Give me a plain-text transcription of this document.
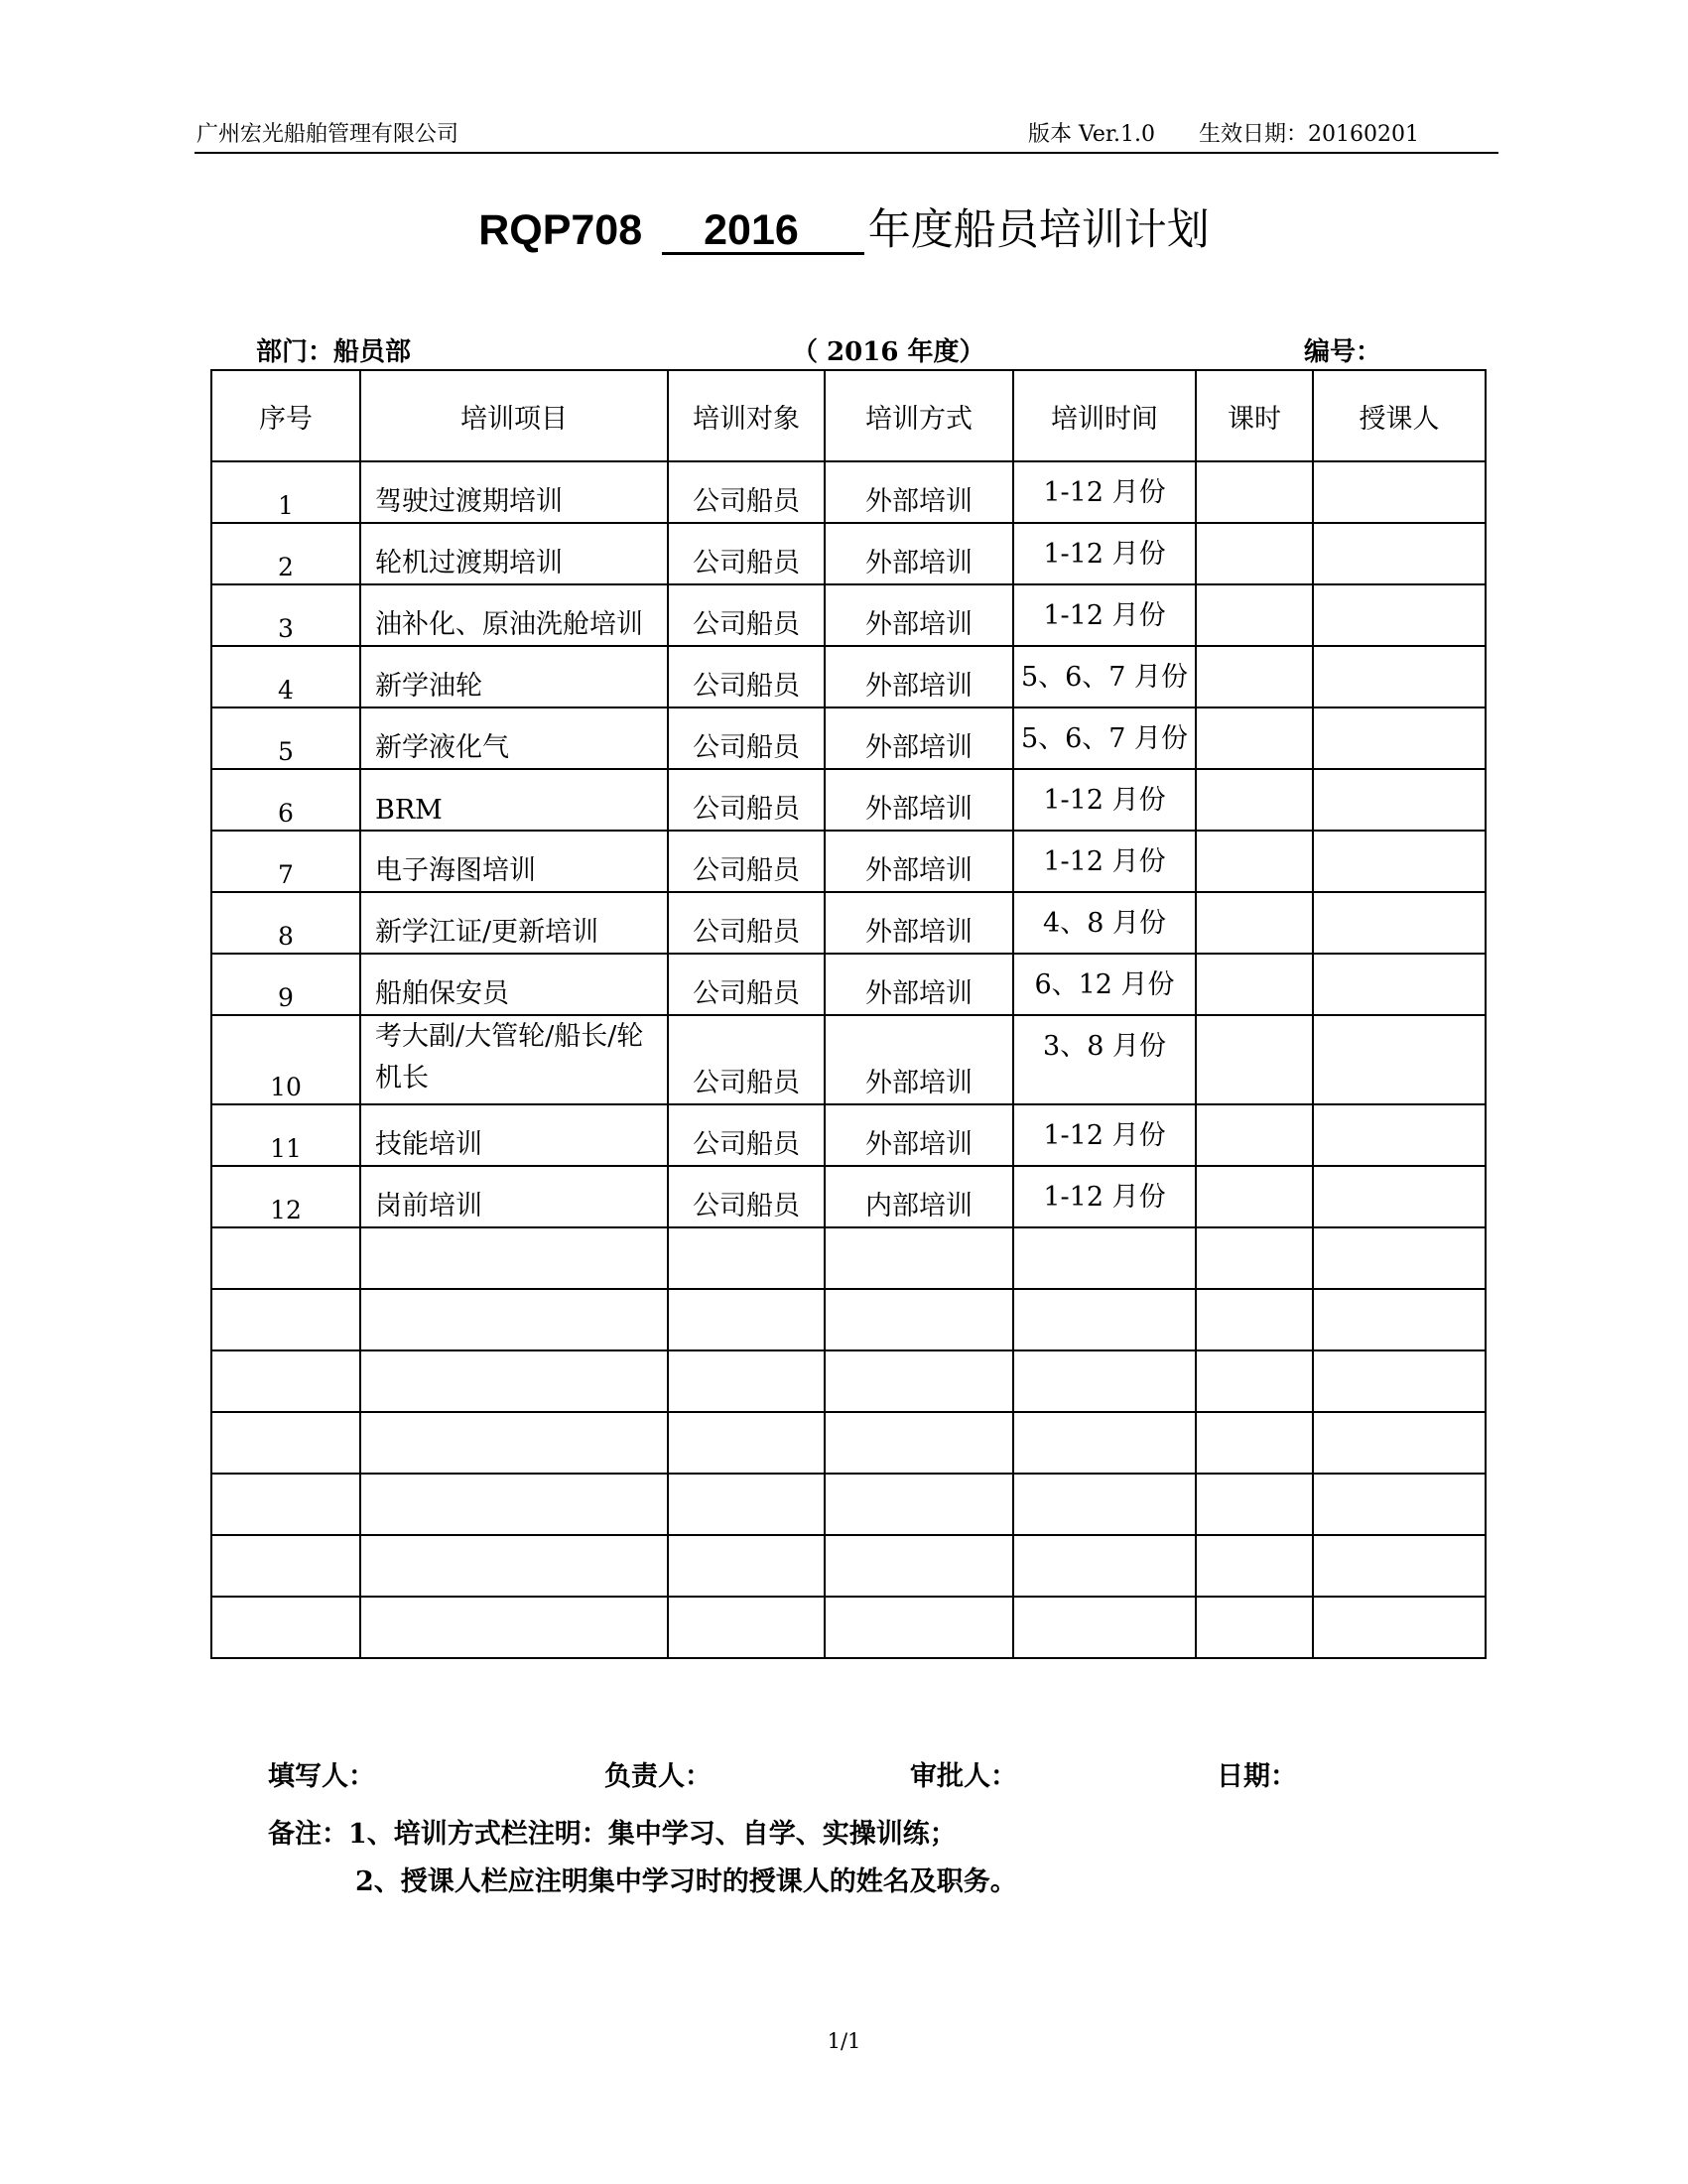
广州宏光船舶管理有限公司	版本 Ver.1.0 生效日期：20160201
RQP708 2016 年度船员培训计划
部门：船员部	（ 2016 年度）	编号：
序号	培训项目	培训对象	培训方式	培训时间	课时	授课人
1	驾驶过渡期培训	公司船员	外部培训	1-12 月份		
2	轮机过渡期培训	公司船员	外部培训	1-12 月份		
3	油补化、原油洗舱培训	公司船员	外部培训	1-12 月份		
4	新学油轮	公司船员	外部培训	5、6、7 月份		
5	新学液化气	公司船员	外部培训	5、6、7 月份		
6	BRM	公司船员	外部培训	1-12 月份		
7	电子海图培训	公司船员	外部培训	1-12 月份		
8	新学江证/更新培训	公司船员	外部培训	4、8 月份		
9	船舶保安员	公司船员	外部培训	6、12 月份		
10	考大副/大管轮/船长/轮机长	公司船员	外部培训	3、8 月份		
11	技能培训	公司船员	外部培训	1-12 月份		
12	岗前培训	公司船员	内部培训	1-12 月份		

填写人：	负责人：	审批人：	日期：
备注：1、培训方式栏注明：集中学习、自学、实操训练；
2、授课人栏应注明集中学习时的授课人的姓名及职务。
1/1
